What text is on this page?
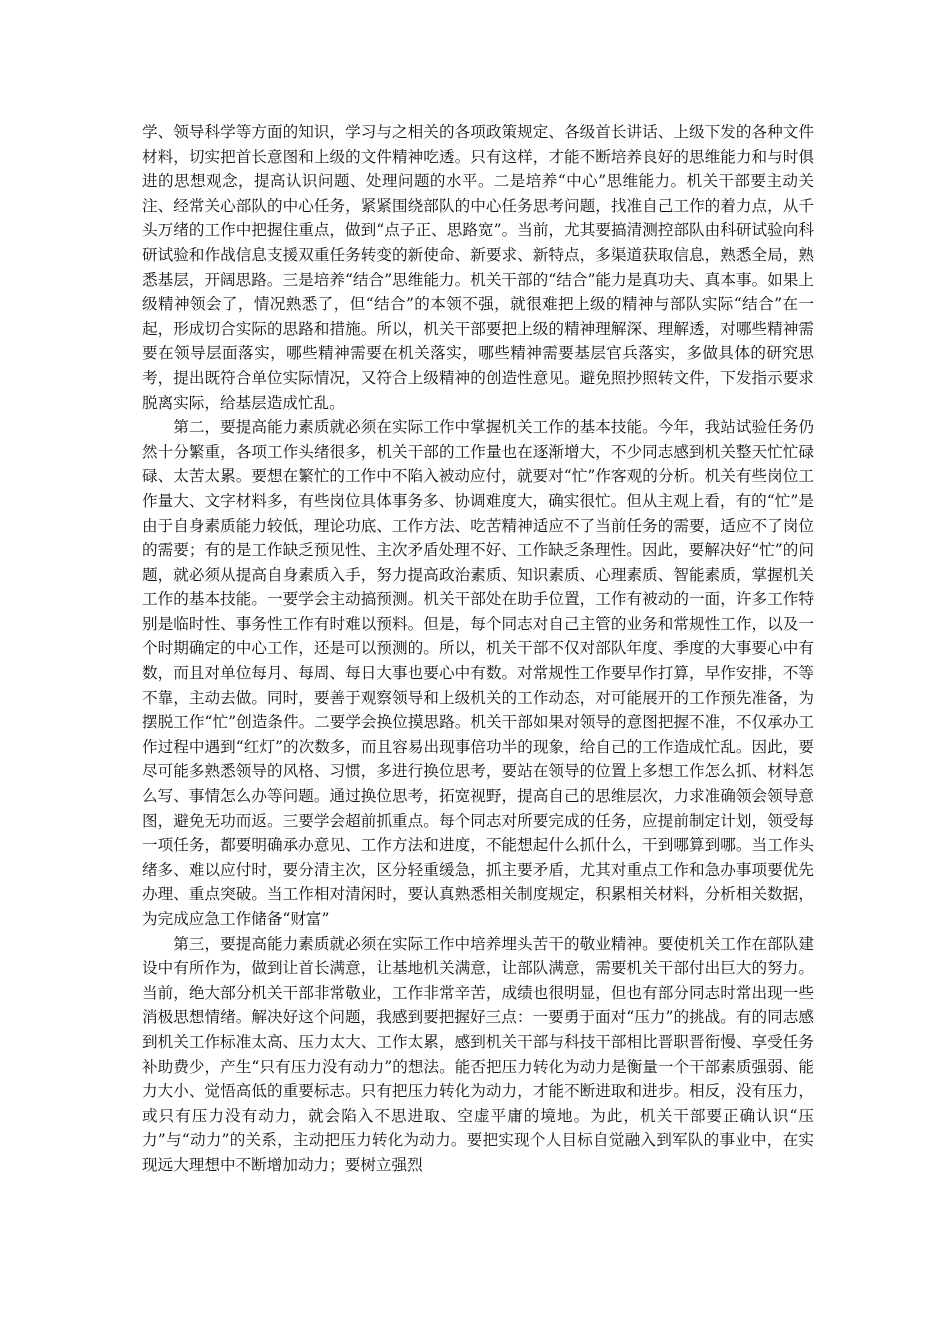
学、领导科学等方面的知识，学习与之相关的各项政策规定、各级首长讲话、上级下发的各种文件材料，切实把首长意图和上级的文件精神吃透。只有这样，才能不断培养良好的思维能力和与时俱进的思想观念，提高认识问题、处理问题的水平。二是培养“中心”思维能力。机关干部要主动关注、经常关心部队的中心任务，紧紧围绕部队的中心任务思考问题，找准自己工作的着力点，从千头万绪的工作中把握住重点，做到“点子正、思路宽”。当前，尤其要搞清测控部队由科研试验向科研试验和作战信息支援双重任务转变的新使命、新要求、新特点，多渠道获取信息，熟悉全局，熟悉基层，开阔思路。三是培养“结合”思维能力。机关干部的“结合”能力是真功夫、真本事。如果上级精神领会了，情况熟悉了，但“结合”的本领不强，就很难把上级的精神与部队实际“结合”在一起，形成切合实际的思路和措施。所以，机关干部要把上级的精神理解深、理解透，对哪些精神需要在领导层面落实，哪些精神需要在机关落实，哪些精神需要基层官兵落实，多做具体的研究思考，提出既符合单位实际情况，又符合上级精神的创造性意见。避免照抄照转文件，下发指示要求脱离实际，给基层造成忙乱。

第二，要提高能力素质就必须在实际工作中掌握机关工作的基本技能。今年，我站试验任务仍然十分繁重，各项工作头绪很多，机关干部的工作量也在逐渐增大，不少同志感到机关整天忙忙碌碌、太苦太累。要想在繁忙的工作中不陷入被动应付，就要对“忙”作客观的分析。机关有些岗位工作量大、文字材料多，有些岗位具体事务多、协调难度大，确实很忙。但从主观上看，有的“忙”是由于自身素质能力较低，理论功底、工作方法、吃苦精神适应不了当前任务的需要，适应不了岗位的需要；有的是工作缺乏预见性、主次矛盾处理不好、工作缺乏条理性。因此，要解决好“忙”的问题，就必须从提高自身素质入手，努力提高政治素质、知识素质、心理素质、智能素质，掌握机关工作的基本技能。一要学会主动搞预测。机关干部处在助手位置，工作有被动的一面，许多工作特别是临时性、事务性工作有时难以预料。但是，每个同志对自己主管的业务和常规性工作，以及一个时期确定的中心工作，还是可以预测的。所以，机关干部不仅对部队年度、季度的大事要心中有数，而且对单位每月、每周、每日大事也要心中有数。对常规性工作要早作打算，早作安排，不等不靠，主动去做。同时，要善于观察领导和上级机关的工作动态，对可能展开的工作预先准备，为摆脱工作“忙”创造条件。二要学会换位摸思路。机关干部如果对领导的意图把握不准，不仅承办工作过程中遇到“红灯”的次数多，而且容易出现事倍功半的现象，给自己的工作造成忙乱。因此，要尽可能多熟悉领导的风格、习惯，多进行换位思考，要站在领导的位置上多想工作怎么抓、材料怎么写、事情怎么办等问题。通过换位思考，拓宽视野，提高自己的思维层次，力求准确领会领导意图，避免无功而返。三要学会超前抓重点。每个同志对所要完成的任务，应提前制定计划，领受每一项任务，都要明确承办意见、工作方法和进度，不能想起什么抓什么，干到哪算到哪。当工作头绪多、难以应付时，要分清主次，区分轻重缓急，抓主要矛盾，尤其对重点工作和急办事项要优先办理、重点突破。当工作相对清闲时，要认真熟悉相关制度规定，积累相关材料，分析相关数据，为完成应急工作储备“财富”

第三，要提高能力素质就必须在实际工作中培养埋头苦干的敬业精神。要使机关工作在部队建设中有所作为，做到让首长满意，让基地机关满意，让部队满意，需要机关干部付出巨大的努力。当前，绝大部分机关干部非常敬业，工作非常辛苦，成绩也很明显，但也有部分同志时常出现一些消极思想情绪。解决好这个问题，我感到要把握好三点：一要勇于面对“压力”的挑战。有的同志感到机关工作标准太高、压力太大、工作太累，感到机关干部与科技干部相比晋职晋衔慢、享受任务补助费少，产生“只有压力没有动力”的想法。能否把压力转化为动力是衡量一个干部素质强弱、能力大小、觉悟高低的重要标志。只有把压力转化为动力，才能不断进取和进步。相反，没有压力，或只有压力没有动力，就会陷入不思进取、空虚平庸的境地。为此，机关干部要正确认识“压力”与“动力”的关系，主动把压力转化为动力。要把实现个人目标自觉融入到军队的事业中，在实现远大理想中不断增加动力；要树立强烈
